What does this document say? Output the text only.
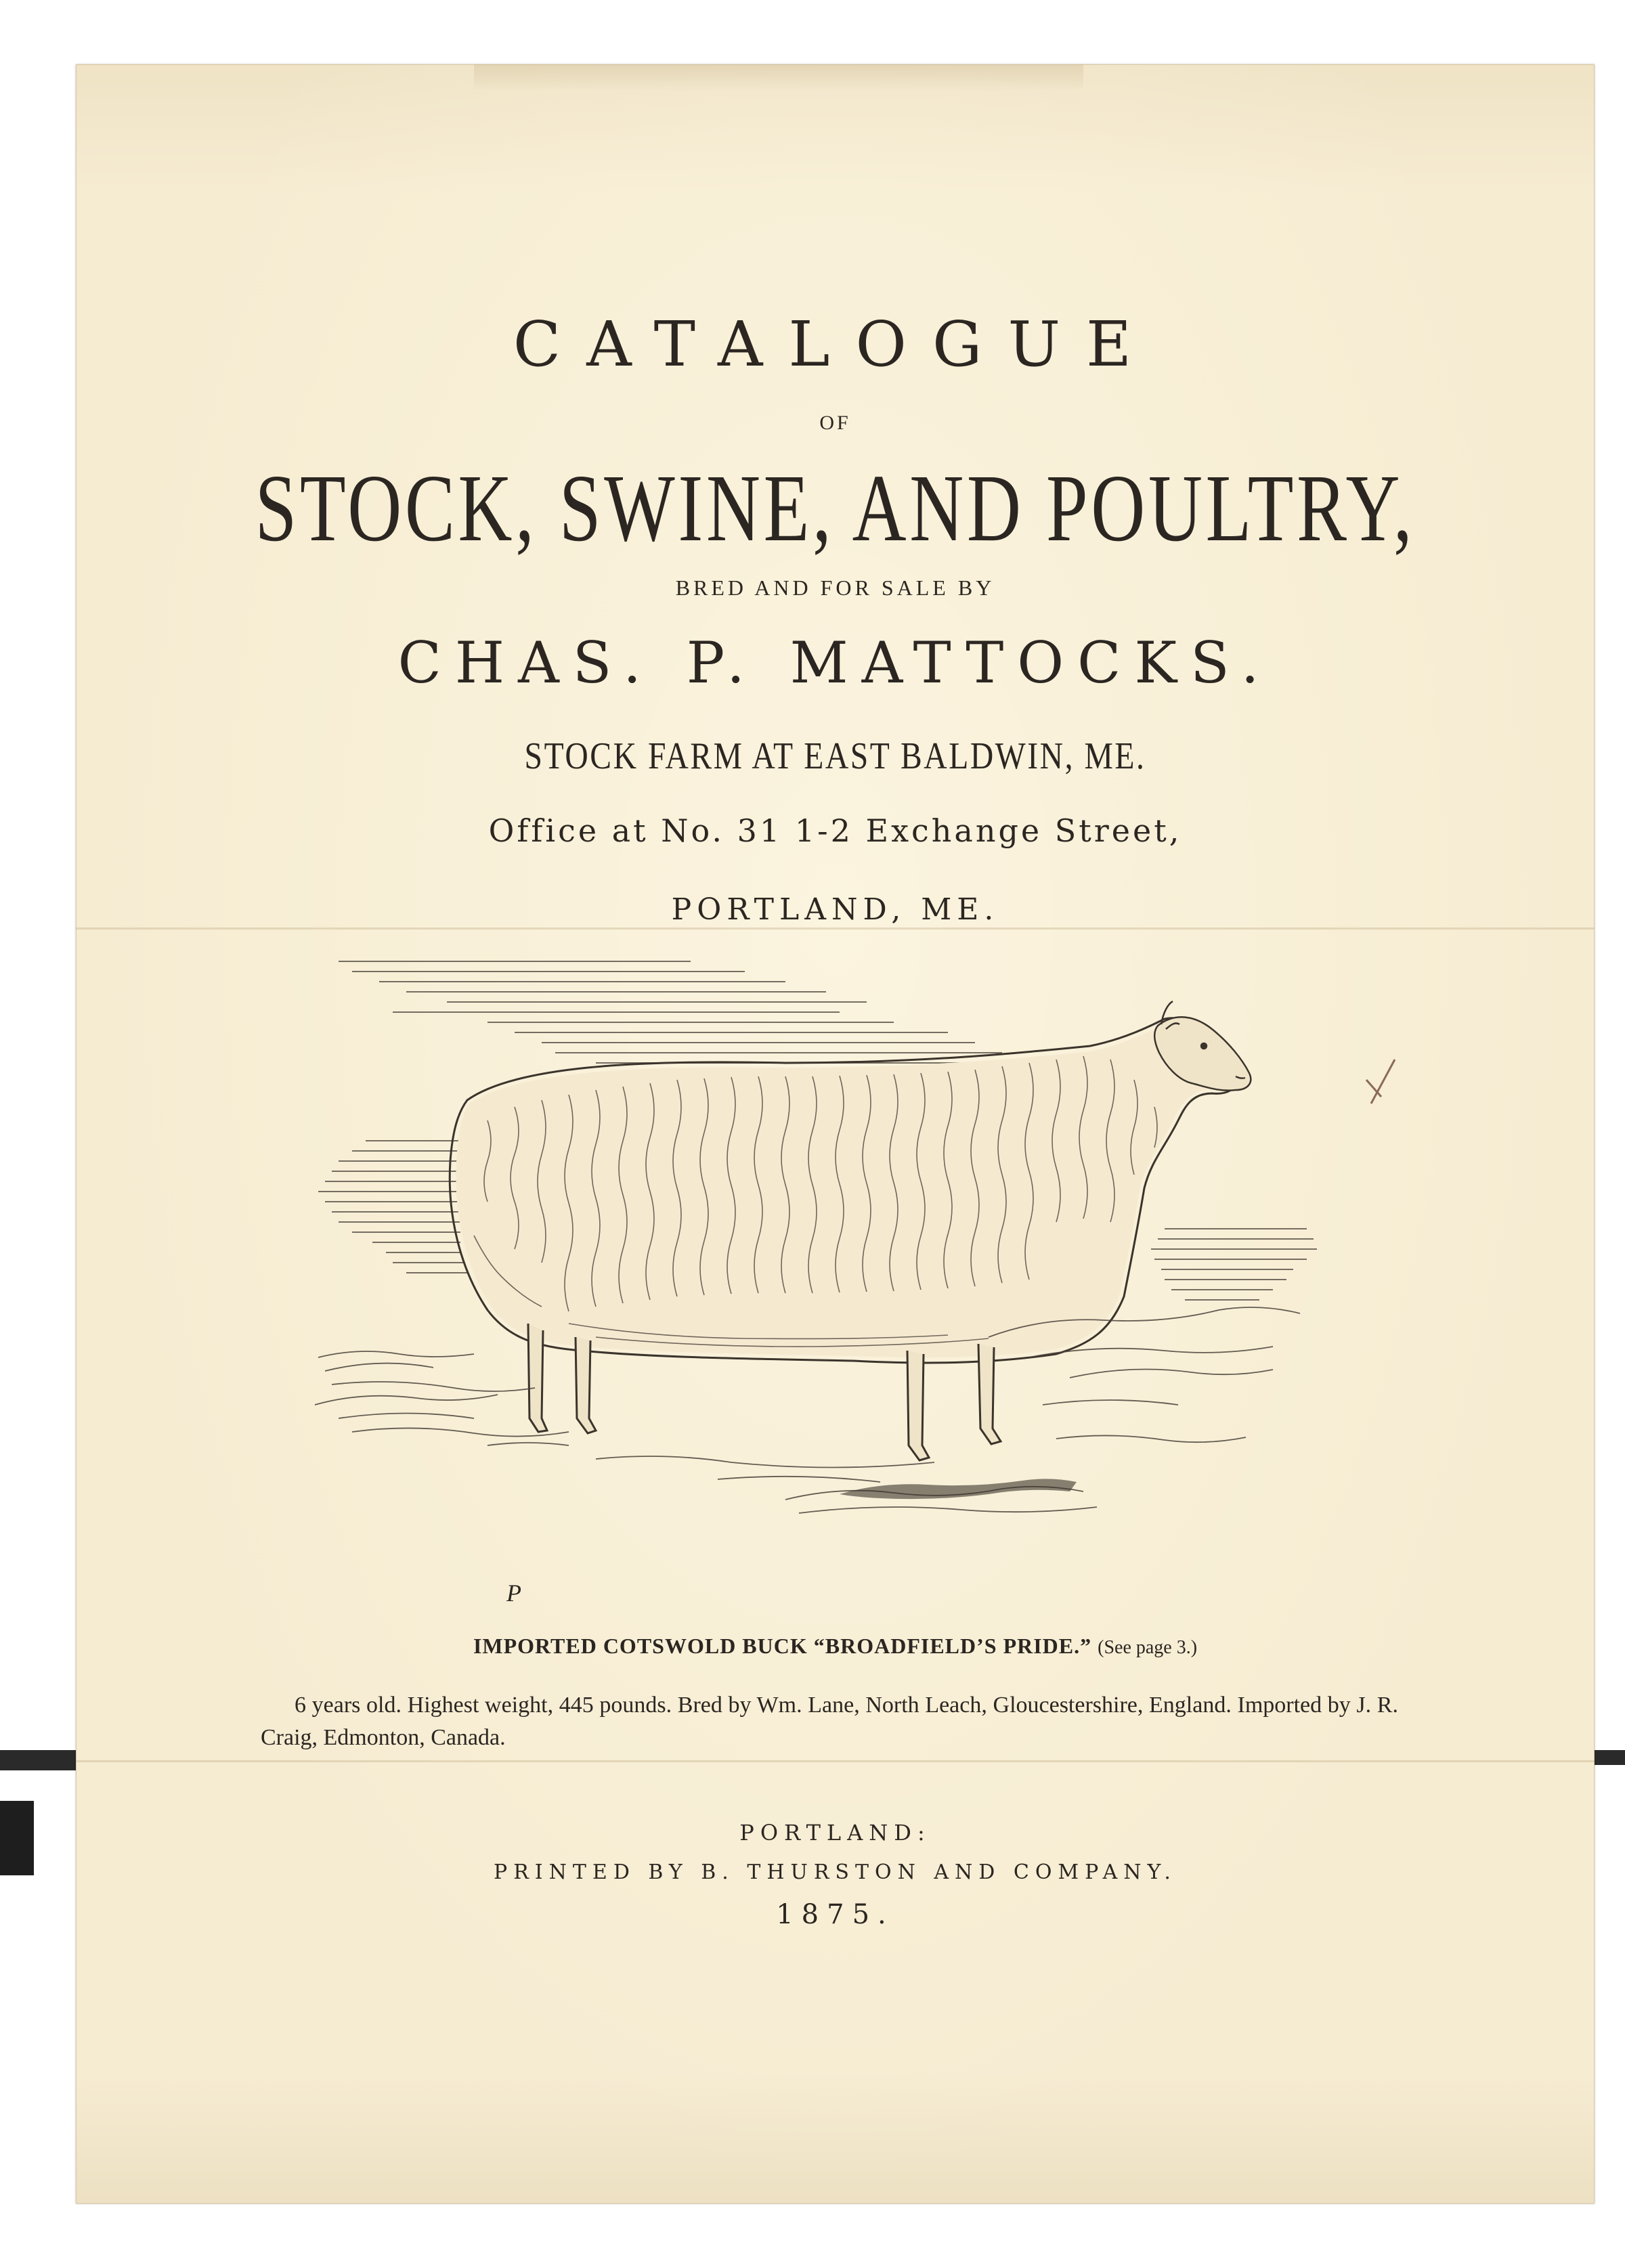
CATALOGUE
OF
STOCK, SWINE, AND POULTRY,
BRED AND FOR SALE BY
CHAS. P. MATTOCKS.
STOCK FARM AT EAST BALDWIN, ME.
Office at No. 31 1-2 Exchange Street,
PORTLAND, ME.
P
IMPORTED COTSWOLD BUCK “BROADFIELD’S PRIDE.” (See page 3.)
6 years old. Highest weight, 445 pounds. Bred by Wm. Lane, North Leach, Gloucestershire, England. Imported by J. R. Craig, Edmonton, Canada.
PORTLAND:
PRINTED BY B. THURSTON AND COMPANY.
1875.
